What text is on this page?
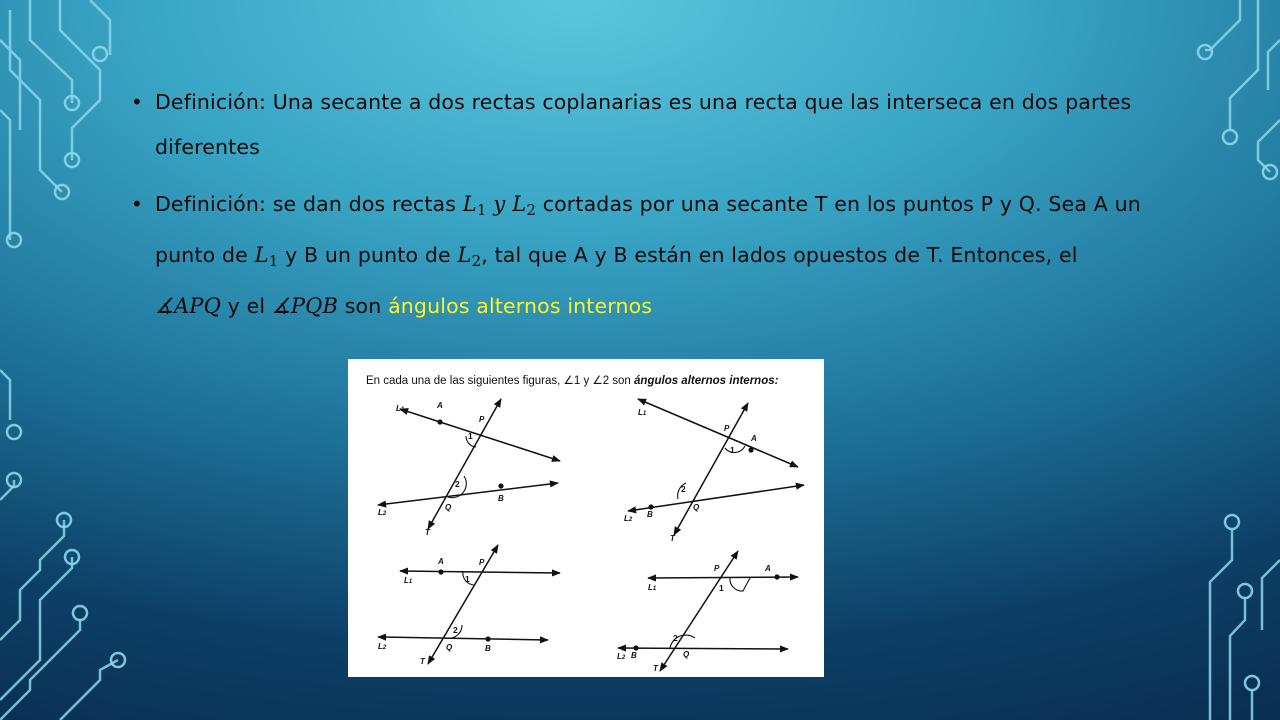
• Definición: Una secante a dos rectas coplanarias es una recta que las interseca en dos partes diferentes
• Definición: se dan dos rectas $L_1$ y $L_2$ cortadas por una secante T en los puntos P y Q. Sea A un punto de $L_1$ y B un punto de $L_2$, tal que A y B están en lados opuestos de T. Entonces, el ∡APQ y el ∡PQB son ángulos alternos internos
En cada una de las siguientes figuras, ∠1 y ∠2 son ángulos alternos internos:
L1
L2
A
P
1
2
Q
B
T
L1
L2
A
P
1
2
Q
B
T
L1
L2
A	P
1
2
Q	B
T
L1
L2
A
P
1
2
Q
B
T
